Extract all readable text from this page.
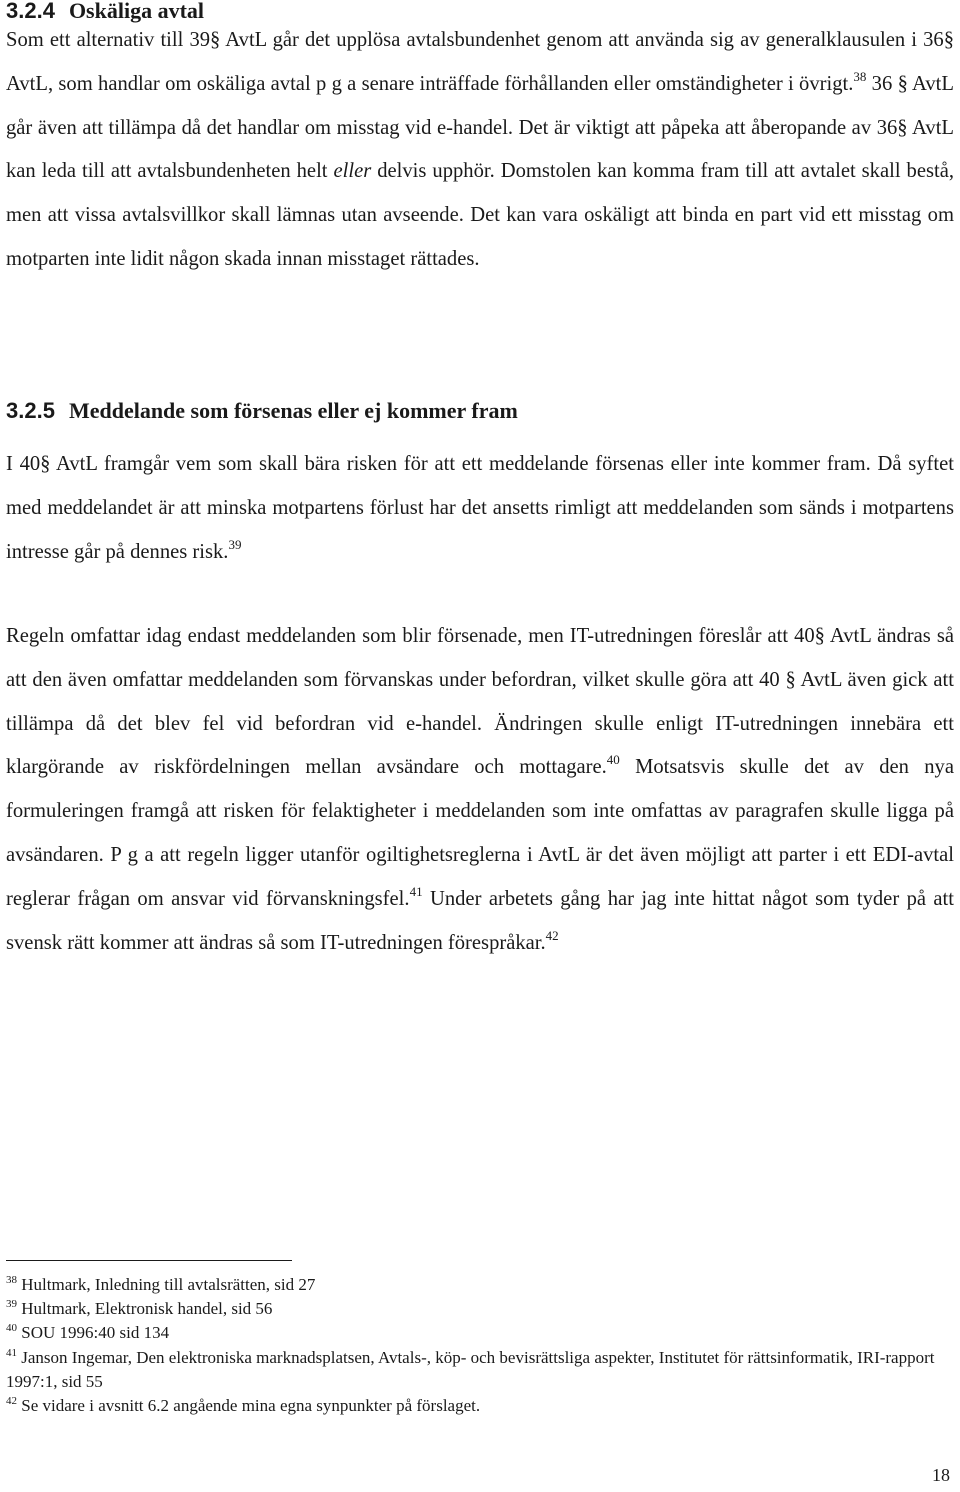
3.2.4 Oskäliga avtal

Som ett alternativ till 39§ AvtL går det upplösa avtalsbundenhet genom att använda sig av generalklausulen i 36§ AvtL, som handlar om oskäliga avtal p g a senare inträffade förhållanden eller omständigheter i övrigt.$^{38}$ 36 § AvtL går även att tillämpa då det handlar om misstag vid e-handel. Det är viktigt att påpeka att åberopande av 36§ AvtL kan leda till att avtalsbundenheten helt eller delvis upphör. Domstolen kan komma fram till att avtalet skall bestå, men att vissa avtalsvillkor skall lämnas utan avseende. Det kan vara oskäligt att binda en part vid ett misstag om motparten inte lidit någon skada innan misstaget rättades.

3.2.5 Meddelande som försenas eller ej kommer fram

I 40§ AvtL framgår vem som skall bära risken för att ett meddelande försenas eller inte kommer fram. Då syftet med meddelandet är att minska motpartens förlust har det ansetts rimligt att meddelanden som sänds i motpartens intresse går på dennes risk.$^{39}$

Regeln omfattar idag endast meddelanden som blir försenade, men IT-utredningen föreslår att 40§ AvtL ändras så att den även omfattar meddelanden som förvanskas under befordran, vilket skulle göra att 40 § AvtL även gick att tillämpa då det blev fel vid befordran vid e-handel. Ändringen skulle enligt IT-utredningen innebära ett klargörande av riskfördelningen mellan avsändare och mottagare.$^{40}$ Motsatsvis skulle det av den nya formuleringen framgå att risken för felaktigheter i meddelanden som inte omfattas av paragrafen skulle ligga på avsändaren. P g a att regeln ligger utanför ogiltighetsreglerna i AvtL är det även möjligt att parter i ett EDI-avtal reglerar frågan om ansvar vid förvanskningsfel.$^{41}$ Under arbetets gång har jag inte hittat något som tyder på att svensk rätt kommer att ändras så som IT-utredningen förespråkar.$^{42}$

$^{38}$ Hultmark, Inledning till avtalsrätten, sid 27

$^{39}$ Hultmark, Elektronisk handel, sid 56

$^{40}$ SOU 1996:40 sid 134

$^{41}$ Janson Ingemar, Den elektroniska marknadsplatsen, Avtals-, köp- och bevisrättsliga aspekter, Institutet för rättsinformatik, IRI-rapport 1997:1, sid 55

$^{42}$ Se vidare i avsnitt 6.2 angående mina egna synpunkter på förslaget.

18
